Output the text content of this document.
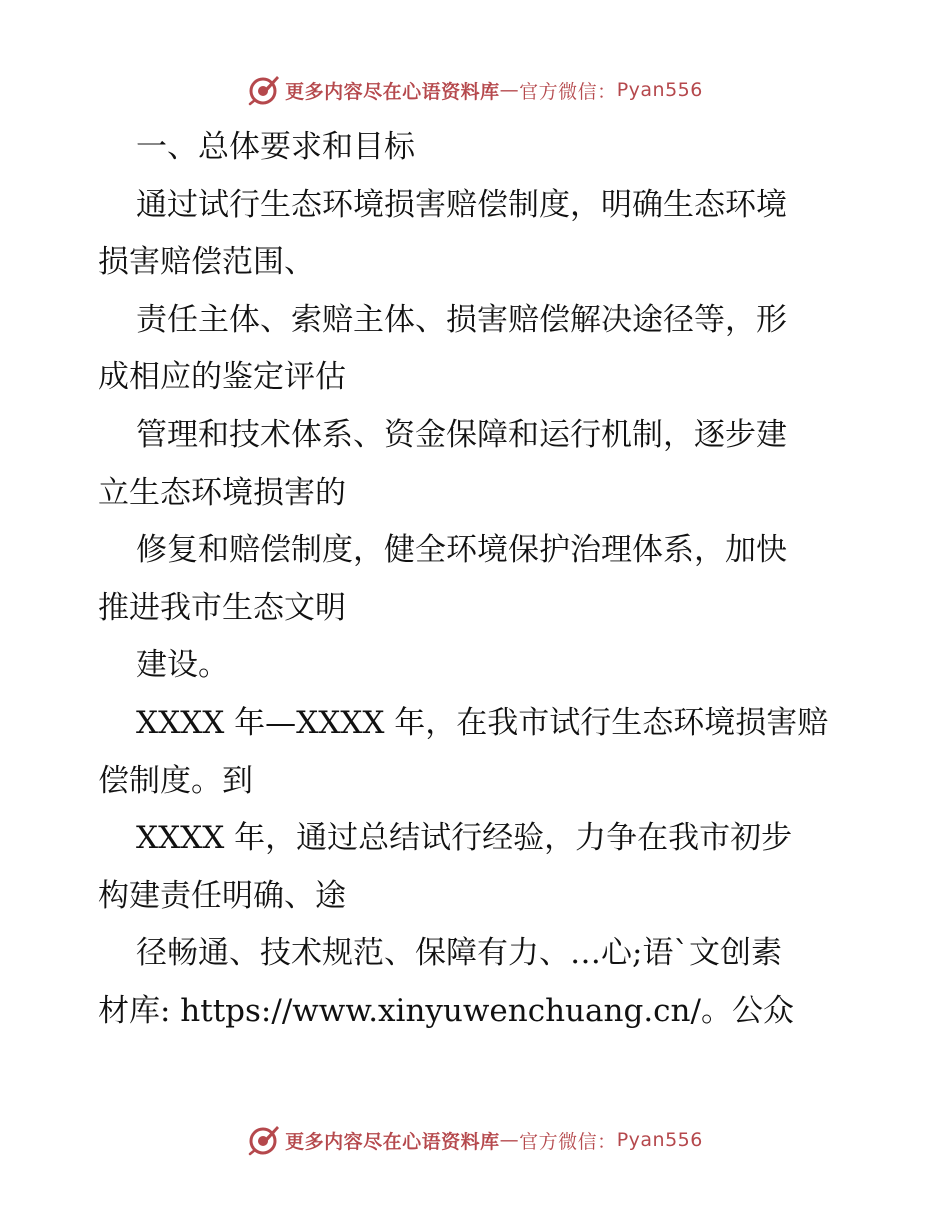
更多内容尽在心语资料库 — 官方微信： Pyan556
一、总体要求和目标
通过试行生态环境损害赔偿制度，明确生态环境
损害赔偿范围、
责任主体、索赔主体、损害赔偿解决途径等，形
成相应的鉴定评估
管理和技术体系、资金保障和运行机制，逐步建
立生态环境损害的
修复和赔偿制度，健全环境保护治理体系，加快
推进我市生态文明
建设。
XXXX 年—XXXX 年，在我市试行生态环境损害赔
偿制度。到
XXXX 年，通过总结试行经验，力争在我市初步
构建责任明确、途
径畅通、技术规范、保障有力、…心;语`文创素
材库: https://www.xinyuwenchuang.cn/。公众
更多内容尽在心语资料库 — 官方微信： Pyan556
